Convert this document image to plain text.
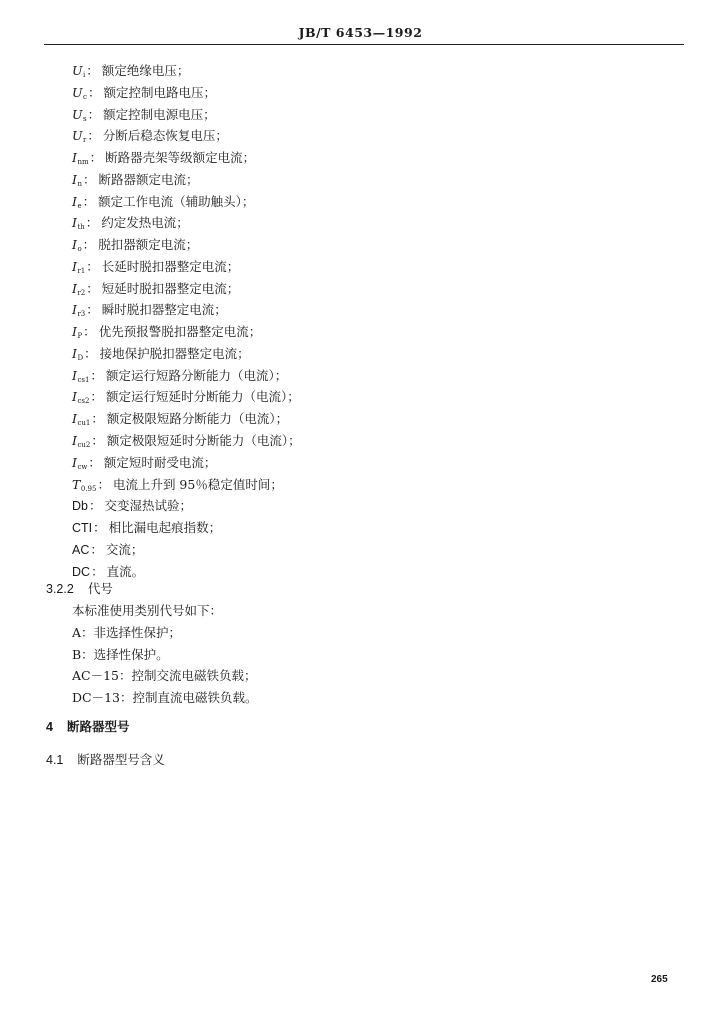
JB/T 6453—1992
$U_i$： 额定绝缘电压；
$U_c$： 额定控制电路电压；
$U_s$： 额定控制电源电压；
$U_r$： 分断后稳态恢复电压；
$I_{nm}$： 断路器壳架等级额定电流；
$I_n$： 断路器额定电流；
$I_e$： 额定工作电流（辅助触头）；
$I_{th}$： 约定发热电流；
$I_o$： 脱扣器额定电流；
$I_{r1}$： 长延时脱扣器整定电流；
$I_{r2}$： 短延时脱扣器整定电流；
$I_{r3}$： 瞬时脱扣器整定电流；
$I_P$： 优先预报警脱扣器整定电流；
$I_D$： 接地保护脱扣器整定电流；
$I_{cs1}$： 额定运行短路分断能力（电流）；
$I_{cs2}$： 额定运行短延时分断能力（电流）；
$I_{cu1}$： 额定极限短路分断能力（电流）；
$I_{cu2}$： 额定极限短延时分断能力（电流）；
$I_{cw}$： 额定短时耐受电流；
$T_{0.95}$： 电流上升到 95％稳定值时间；
Db： 交变湿热试验；
CTI： 相比漏电起痕指数；
AC： 交流；
DC： 直流。
3.2.2 代号
本标准使用类别代号如下：
A：非选择性保护；
B：选择性保护。
AC－15：控制交流电磁铁负载；
DC－13：控制直流电磁铁负载。
4 断路器型号
4.1 断路器型号含义
265
